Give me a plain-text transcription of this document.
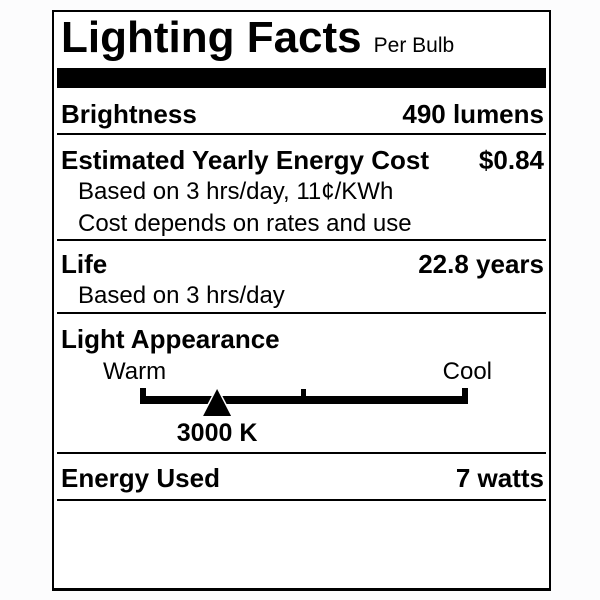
Lighting Facts Per Bulb
Brightness	490 lumens
Estimated Yearly Energy Cost $0.84
Based on 3 hrs/day, 11¢/KWh
Cost depends on rates and use
Life	22.8 years
Based on 3 hrs/day
Light Appearance
Warm	Cool
3000 K
Energy Used	7 watts
